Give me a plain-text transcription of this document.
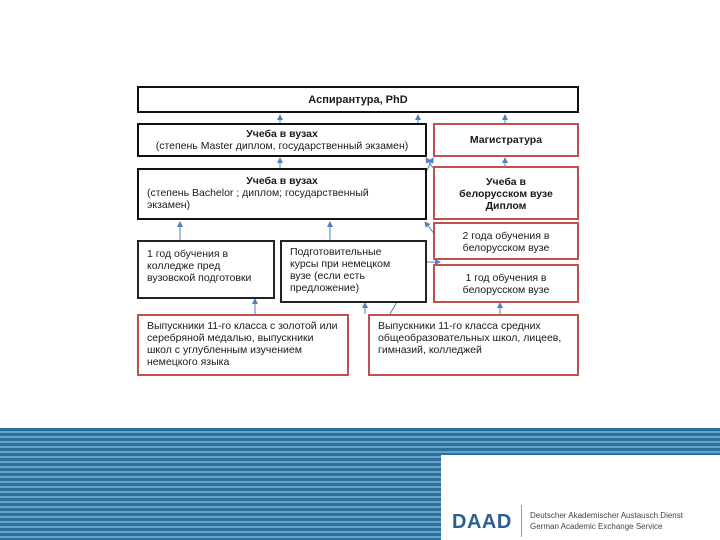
Аспирантура, PhD
Учеба в вузах
(степень Master диплом, государственный экзамен)	Магистратура
Учеба в вузах
(степень Bachelor ; диплом; государственный
экзамен)
Учеба в
белорусском вузе
Диплом
1 год обучения в
колледже пред
вузовской подготовки
Подготовительные
курсы при немецком
вузе (если есть
предложение)
2 года обучения в
белорусском вузе
1 год обучения в
белорусском вузе
Выпускники 11-го класса с золотой или
серебряной медалью, выпускники
школ с углубленным изучением
немецкого языка
Выпускники 11-го класса средних
общеобразовательных школ, лицеев,
гимназий, колледжей
DAAD Deutscher Akademischer Austausch Dienst
German Academic Exchange Service
